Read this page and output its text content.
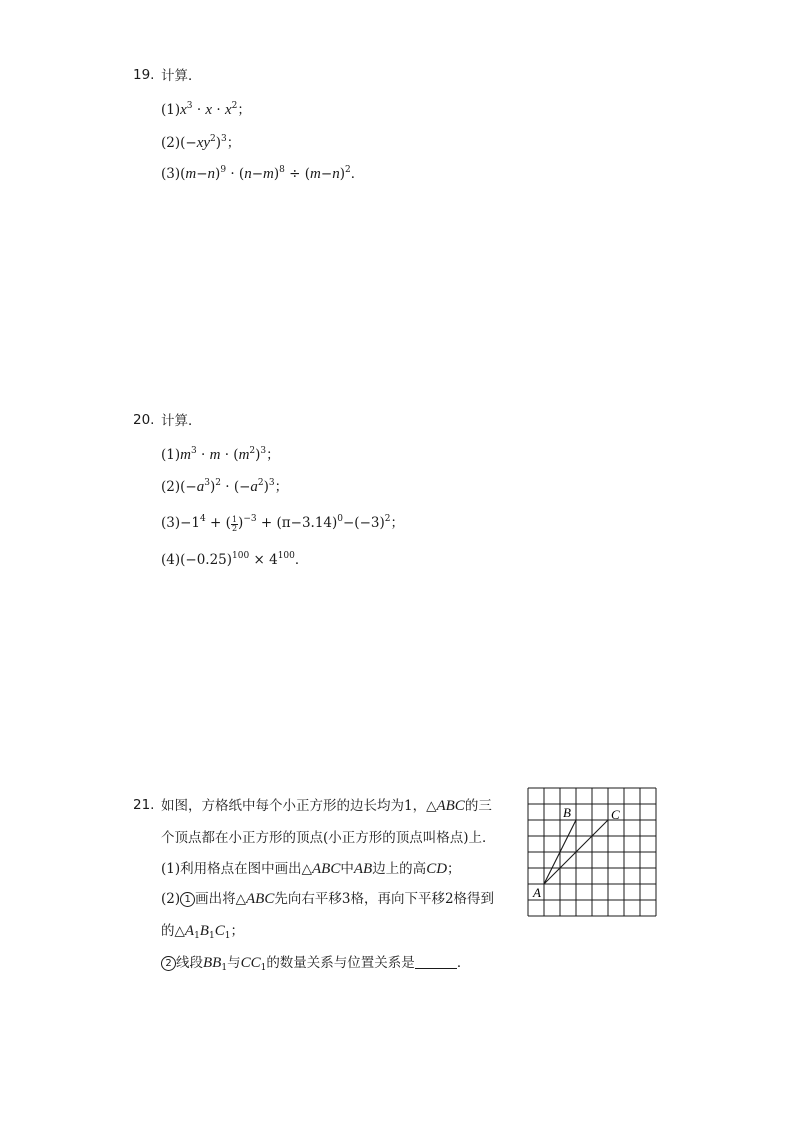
19. 计算．
$(1)x^3 \cdot x \cdot x^2$；
$(2)(-xy^2)^3$；
$(3)(m-n)^9 \cdot (n-m)^8 \div (m-n)^2$．
20. 计算．
$(1)m^3 \cdot m \cdot (m^2)^3$；
$(2)(-a^3)^2 \cdot (-a^2)^3$；
$(3)-1^4$ + ( $\frac{1}{2} )^{-3} + (\pi-3.14)^0-(-3)^2$；
$(4)(-0.25)^{100} \times 4^{100}$．
21. 如图，方格纸中每个小正方形的边长均为1，△ABC的三
个顶点都在小正方形的顶点(小正方形的顶点叫格点)上．
(1)利用格点在图中画出△ABC中AB边上的高CD；
(2) 1 画出将△ABC先向右平移3格，再向下平移2格得到
的$\triangle A_1B_1C_1$；
2 线段$BB_1$与$CC_1$的数量关系与位置关系是	．
A
B	C
